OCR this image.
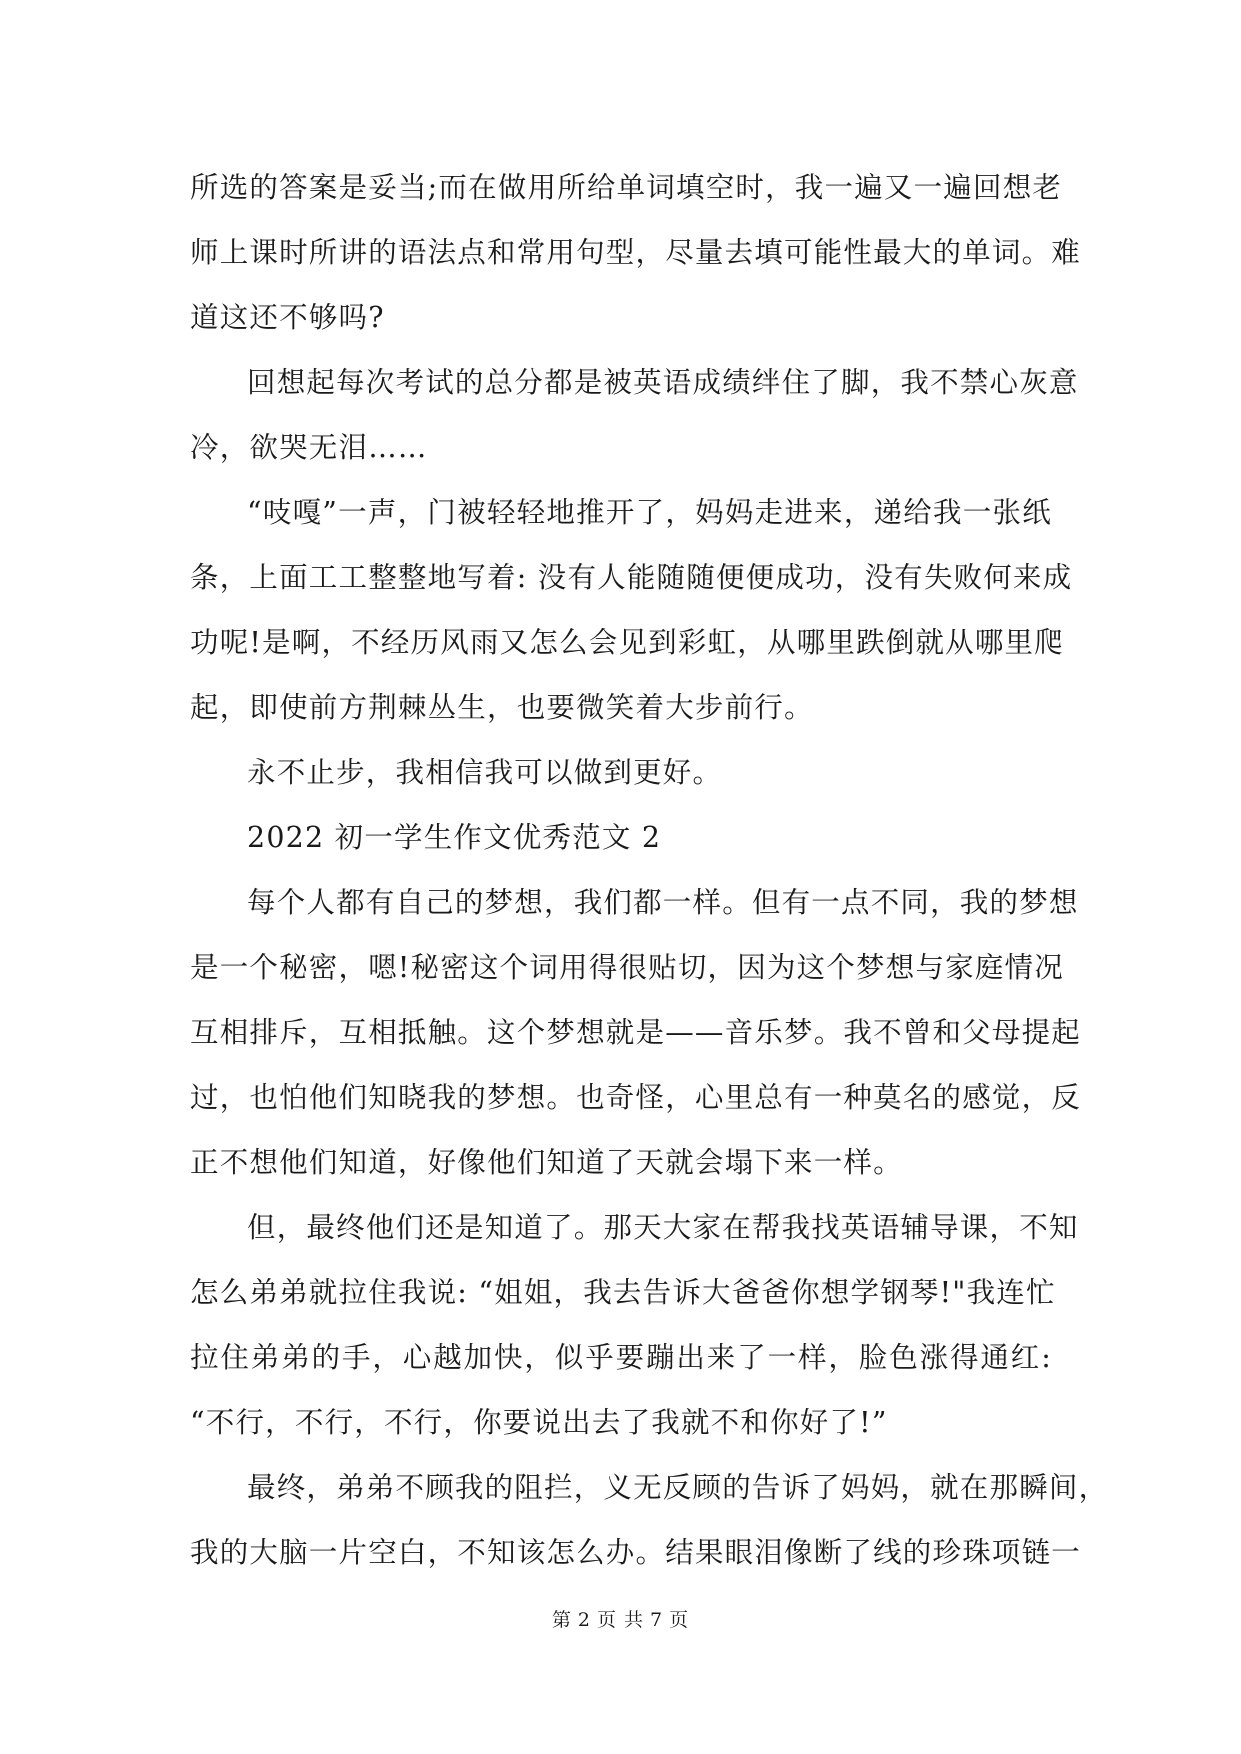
所选的答案是妥当;而在做用所给单词填空时，我一遍又一遍回想老
师上课时所讲的语法点和常用句型，尽量去填可能性最大的单词。难
道这还不够吗?
回想起每次考试的总分都是被英语成绩绊住了脚，我不禁心灰意
冷，欲哭无泪……
“吱嘎”一声，门被轻轻地推开了，妈妈走进来，递给我一张纸
条，上面工工整整地写着: 没有人能随随便便成功，没有失败何来成
功呢!是啊，不经历风雨又怎么会见到彩虹，从哪里跌倒就从哪里爬
起，即使前方荆棘丛生，也要微笑着大步前行。
永不止步，我相信我可以做到更好。
2022 初一学生作文优秀范文 2
每个人都有自己的梦想，我们都一样。但有一点不同，我的梦想
是一个秘密，嗯!秘密这个词用得很贴切，因为这个梦想与家庭情况
互相排斥，互相抵触。这个梦想就是——音乐梦。我不曾和父母提起
过，也怕他们知晓我的梦想。也奇怪，心里总有一种莫名的感觉，反
正不想他们知道，好像他们知道了天就会塌下来一样。
但，最终他们还是知道了。那天大家在帮我找英语辅导课，不知
怎么弟弟就拉住我说: “姐姐，我去告诉大爸爸你想学钢琴!"我连忙
拉住弟弟的手，心越加快，似乎要蹦出来了一样，脸色涨得通红:
“不行，不行，不行，你要说出去了我就不和你好了!”
最终，弟弟不顾我的阻拦，义无反顾的告诉了妈妈，就在那瞬间，
我的大脑一片空白，不知该怎么办。结果眼泪像断了线的珍珠项链一
第 2 页 共 7 页
